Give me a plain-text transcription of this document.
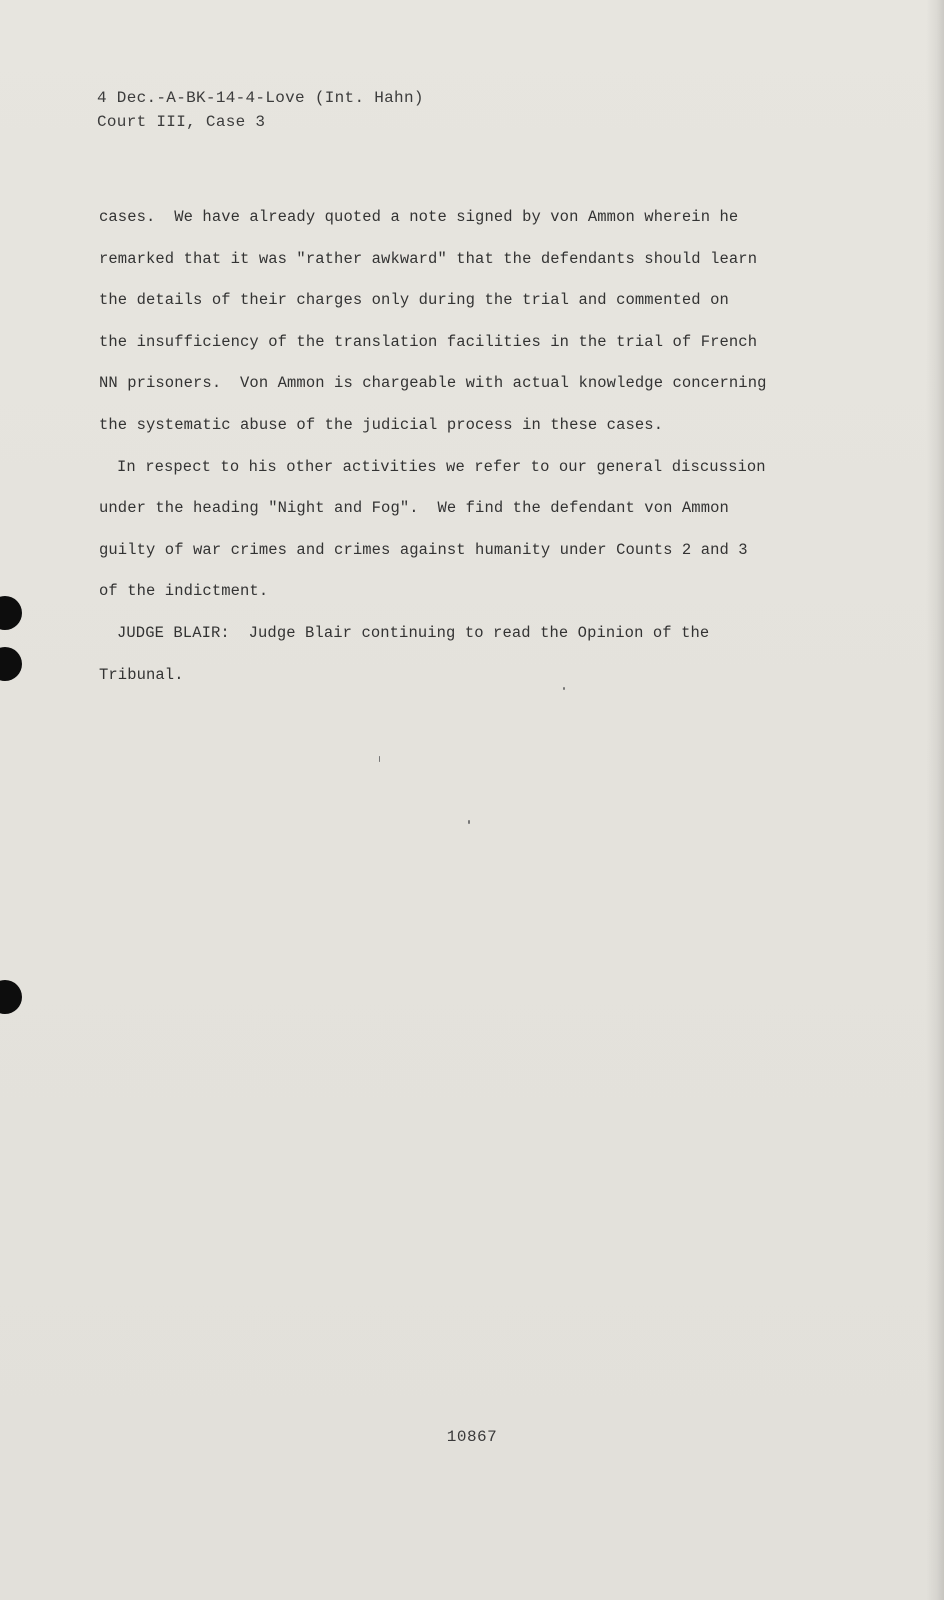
4 Dec.-A-BK-14-4-Love (Int. Hahn)
Court III, Case 3
cases.  We have already quoted a note signed by von Ammon wherein he
remarked that it was "rather awkward" that the defendants should learn
the details of their charges only during the trial and commented on
the insufficiency of the translation facilities in the trial of French
NN prisoners.  Von Ammon is chargeable with actual knowledge concerning
the systematic abuse of the judicial process in these cases.
In respect to his other activities we refer to our general discussion
under the heading "Night and Fog".  We find the defendant von Ammon
guilty of war crimes and crimes against humanity under Counts 2 and 3
of the indictment.
JUDGE BLAIR:  Judge Blair continuing to read the Opinion of the
Tribunal.
10867
